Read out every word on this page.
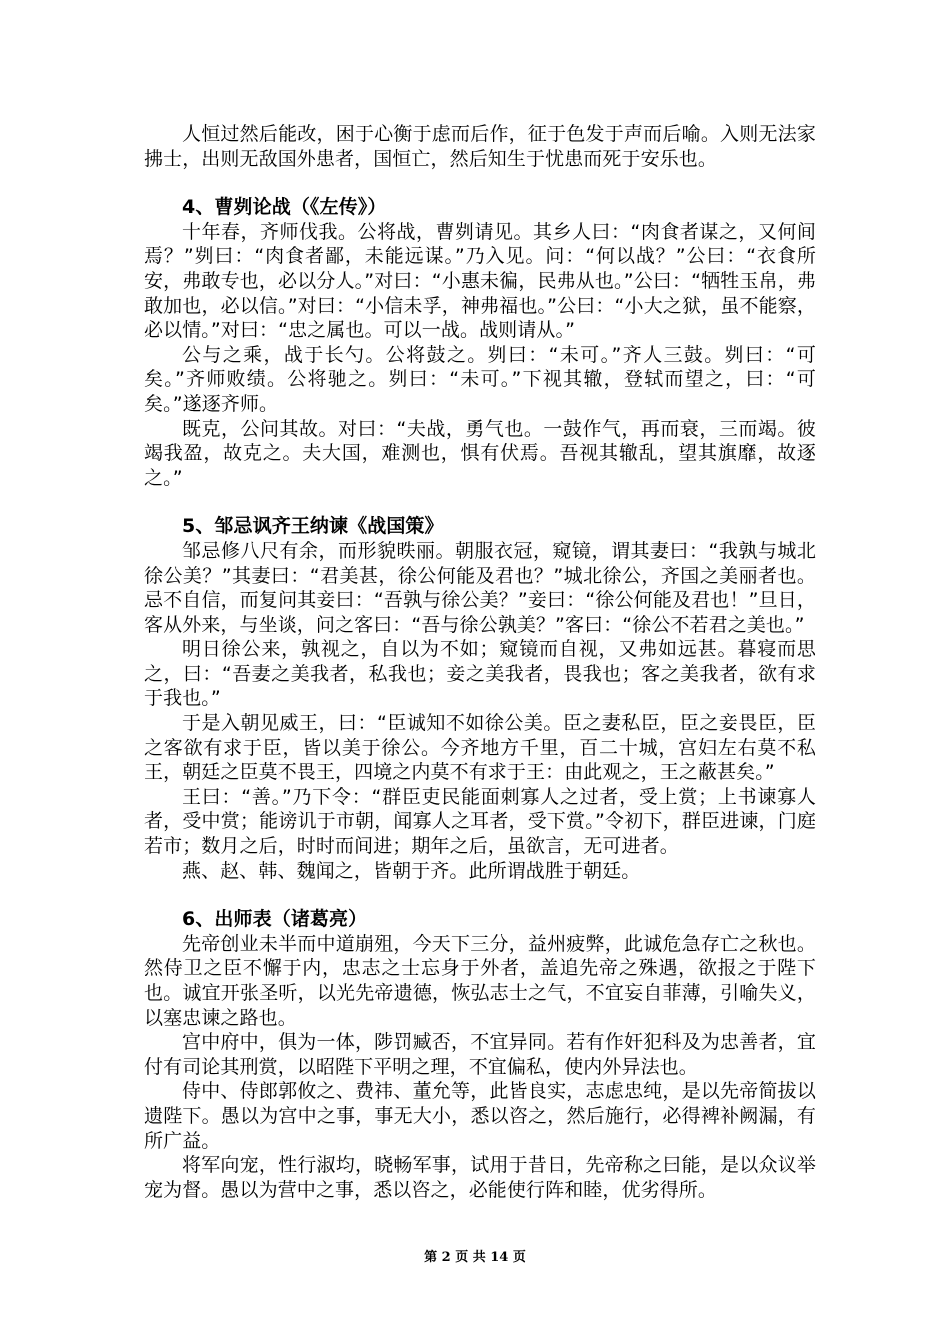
人恒过然后能改，困于心衡于虑而后作，征于色发于声而后喻。入则无法家拂士，出则无敌国外患者，国恒亡，然后知生于忧患而死于安乐也。

4、曹刿论战（《左传》）

十年春，齐师伐我。公将战，曹刿请见。其乡人曰：“肉食者谋之，又何间焉？”刿曰：“肉食者鄙，未能远谋。”乃入见。问：“何以战？”公曰：“衣食所安，弗敢专也，必以分人。”对曰：“小惠未徧，民弗从也。”公曰：“牺牲玉帛，弗敢加也，必以信。”对曰：“小信未孚，神弗福也。”公曰：“小大之狱，虽不能察，必以情。”对曰：“忠之属也。可以一战。战则请从。”

公与之乘，战于长勺。公将鼓之。刿曰：“未可。”齐人三鼓。刿曰：“可矣。”齐师败绩。公将驰之。刿曰：“未可。”下视其辙，登轼而望之，曰：“可矣。”遂逐齐师。

既克，公问其故。对曰：“夫战，勇气也。一鼓作气，再而衰，三而竭。彼竭我盈，故克之。夫大国，难测也，惧有伏焉。吾视其辙乱，望其旗靡，故逐之。”

5、邹忌讽齐王纳谏《战国策》

邹忌修八尺有余，而形貌昳丽。朝服衣冠，窥镜，谓其妻曰：“我孰与城北徐公美？”其妻曰：“君美甚，徐公何能及君也？”城北徐公，齐国之美丽者也。忌不自信，而复问其妾曰：“吾孰与徐公美？”妾曰：“徐公何能及君也！”旦日，客从外来，与坐谈，问之客曰：“吾与徐公孰美？”客曰：“徐公不若君之美也。”

明日徐公来，孰视之，自以为不如；窥镜而自视，又弗如远甚。暮寝而思之，曰：“吾妻之美我者，私我也；妾之美我者，畏我也；客之美我者，欲有求于我也。”

于是入朝见威王，曰：“臣诚知不如徐公美。臣之妻私臣，臣之妾畏臣，臣之客欲有求于臣，皆以美于徐公。今齐地方千里，百二十城，宫妇左右莫不私王，朝廷之臣莫不畏王，四境之内莫不有求于王：由此观之，王之蔽甚矣。”

王曰：“善。”乃下令：“群臣吏民能面刺寡人之过者，受上赏；上书谏寡人者，受中赏；能谤讥于市朝，闻寡人之耳者，受下赏。”令初下，群臣进谏，门庭若市；数月之后，时时而间进；期年之后，虽欲言，无可进者。

燕、赵、韩、魏闻之，皆朝于齐。此所谓战胜于朝廷。

6、出师表（诸葛亮）

先帝创业未半而中道崩殂，今天下三分，益州疲弊，此诚危急存亡之秋也。然侍卫之臣不懈于内，忠志之士忘身于外者，盖追先帝之殊遇，欲报之于陛下也。诚宜开张圣听，以光先帝遗德，恢弘志士之气，不宜妄自菲薄，引喻失义，以塞忠谏之路也。

宫中府中，俱为一体，陟罚臧否，不宜异同。若有作奸犯科及为忠善者，宜付有司论其刑赏，以昭陛下平明之理，不宜偏私，使内外异法也。

侍中、侍郎郭攸之、费祎、董允等，此皆良实，志虑忠纯，是以先帝简拔以遗陛下。愚以为宫中之事，事无大小，悉以咨之，然后施行，必得裨补阙漏，有所广益。

将军向宠，性行淑均，晓畅军事，试用于昔日，先帝称之曰能，是以众议举宠为督。愚以为营中之事，悉以咨之，必能使行阵和睦，优劣得所。

第 2 页 共 14 页
